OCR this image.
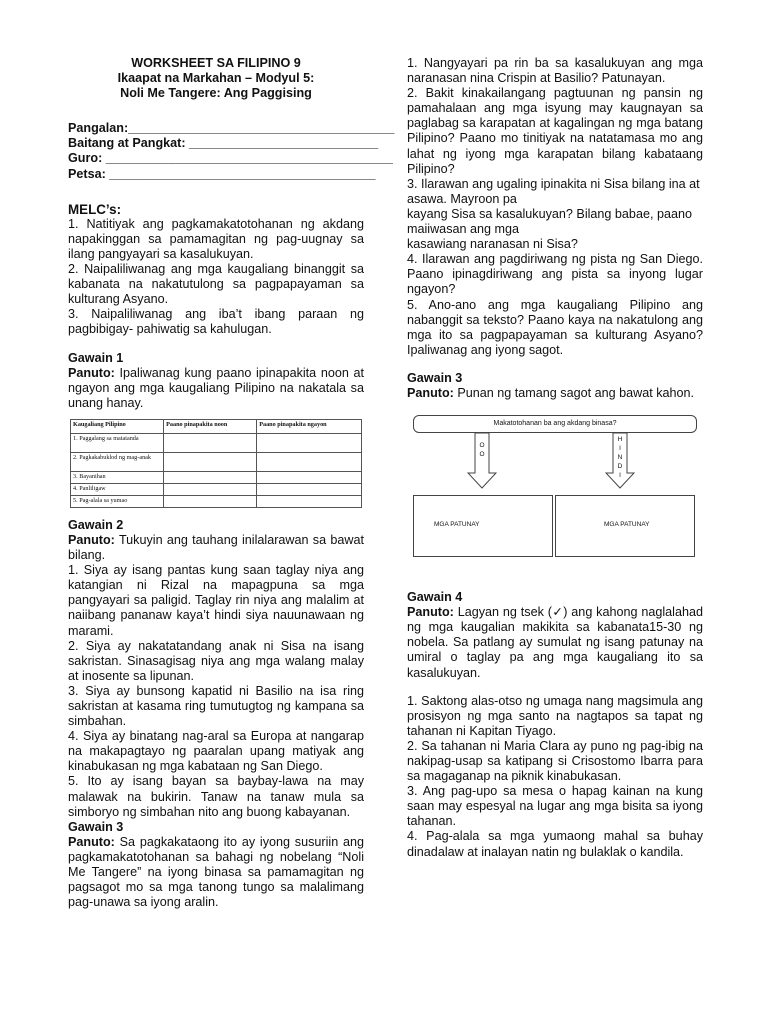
WORKSHEET SA FILIPINO 9

Ikaapat na Markahan – Modyul 5:

Noli Me Tangere: Ang Paggising

Pangalan:______________________________________

Baitang at Pangkat: ___________________________

Guro: _________________________________________

Petsa: ______________________________________

MELC’s:

1. Natitiyak ang pagkamakatotohanan ng akdang napakinggan sa pamamagitan ng pag-uugnay sa ilang pangyayari sa kasalukuyan.

2. Naipaliliwanag ang mga kaugaliang binanggit sa kabanata na nakatutulong sa pagpapayaman sa kulturang Asyano.

3. Naipaliliwanag ang iba’t ibang paraan ng pagbibigay- pahiwatig sa kahulugan.

Gawain 1

Panuto: Ipaliwanag kung paano ipinapakita noon at ngayon ang mga kaugaliang Pilipino na nakatala sa unang hanay.

Kaugaliang Pilipino	Paano pinapakita noon	Paano pinapakita ngayon
1. Paggalang sa matatanda		
2. Pagkakabuklod ng mag-anak		
3. Bayanihan		
4. Panliligaw		
5. Pag-alala sa yumao		

Gawain 2

Panuto: Tukuyin ang tauhang inilalarawan sa bawat bilang.

1. Siya ay isang pantas kung saan taglay niya ang katangian ni Rizal na mapagpuna sa mga pangyayari sa paligid. Taglay rin niya ang malalim at naiibang pananaw kaya’t hindi siya nauunawaan ng marami.

2. Siya ay nakatatandang anak ni Sisa na isang sakristan. Sinasagisag niya ang mga walang malay at inosente sa lipunan.

3. Siya ay bunsong kapatid ni Basilio na isa ring sakristan at kasama ring tumutugtog ng kampana sa simbahan.

4. Siya ay binatang nag-aral sa Europa at nangarap na makapagtayo ng paaralan upang matiyak ang kinabukasan ng mga kabataan ng San Diego.

5. Ito ay isang bayan sa baybay-lawa na may malawak na bukirin. Tanaw na tanaw mula sa simboryo ng simbahan nito ang buong kabayanan.

Gawain 3

Panuto: Sa pagkakataong ito ay iyong susuriin ang pagkamakatotohanan sa bahagi ng nobelang “Noli Me Tangere” na iyong binasa sa pamamagitan ng pagsagot mo sa mga tanong tungo sa malalimang pag-unawa sa iyong aralin.

1. Nangyayari pa rin ba sa kasalukuyan ang mga naranasan nina Crispin at Basilio? Patunayan.

2. Bakit kinakailangang pagtuunan ng pansin ng pamahalaan ang mga isyung may kaugnayan sa paglabag sa karapatan at kagalingan ng mga batang Pilipino? Paano mo tinitiyak na natatamasa mo ang lahat ng iyong mga karapatan bilang kabataang Pilipino?

3. Ilarawan ang ugaling ipinakita ni Sisa bilang ina at asawa. Mayroon pa

kayang Sisa sa kasalukuyan? Bilang babae, paano maiiwasan ang mga

kasawiang naranasan ni Sisa?

4. Ilarawan ang pagdiriwang ng pista ng San Diego. Paano ipinagdiriwang ang pista sa inyong lugar ngayon?

5. Ano-ano ang mga kaugaliang Pilipino ang nabanggit sa teksto? Paano kaya na nakatulong ang mga ito sa pagpapayaman sa kulturang Asyano? Ipaliwanag ang iyong sagot.

Gawain 3

Panuto: Punan ng tamang sagot ang bawat kahon.

Makatotohanan ba ang akdang binasa?
O
O
H
I
N
D
I
MGA PATUNAY	MGA PATUNAY

Gawain 4

Panuto: Lagyan ng tsek (✓) ang kahong naglalahad ng mga kaugalian makikita sa kabanata15-30 ng nobela. Sa patlang ay sumulat ng isang patunay na umiral o taglay pa ang mga kaugaliang ito sa kasalukuyan.

1. Saktong alas-otso ng umaga nang magsimula ang prosisyon ng mga santo na nagtapos sa tapat ng tahanan ni Kapitan Tiyago.

2. Sa tahanan ni Maria Clara ay puno ng pag-ibig na nakipag-usap sa katipang si Crisostomo Ibarra para sa magaganap na piknik kinabukasan.

3. Ang pag-upo sa mesa o hapag kainan na kung saan may espesyal na lugar ang mga bisita sa iyong tahanan.

4. Pag-alala sa mga yumaong mahal sa buhay dinadalaw at inalayan natin ng bulaklak o kandila.
